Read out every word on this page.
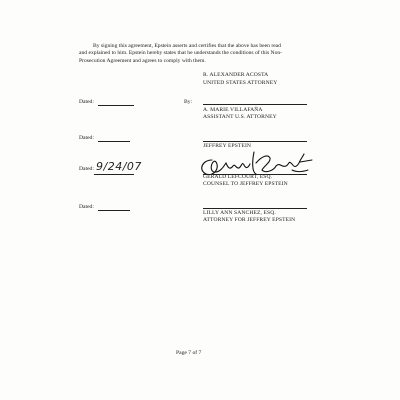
By signing this agreement, Epstein asserts and certifies that the above has been read
and explained to him. Epstein hereby states that he understands the conditions of this Non-
Prosecution Agreement and agrees to comply with them.
R. ALEXANDER ACOSTA
UNITED STATES ATTORNEY
Dated:	By:
A. MARIE VILLAFAÑA
ASSISTANT U.S. ATTORNEY
Dated:
JEFFREY EPSTEIN
Dated: 9/24/07
GERALD LEFCOURT, ESQ.
COUNSEL TO JEFFREY EPSTEIN
Dated:
LILLY ANN SANCHEZ, ESQ.
ATTORNEY FOR JEFFREY EPSTEIN
Page 7 of 7
